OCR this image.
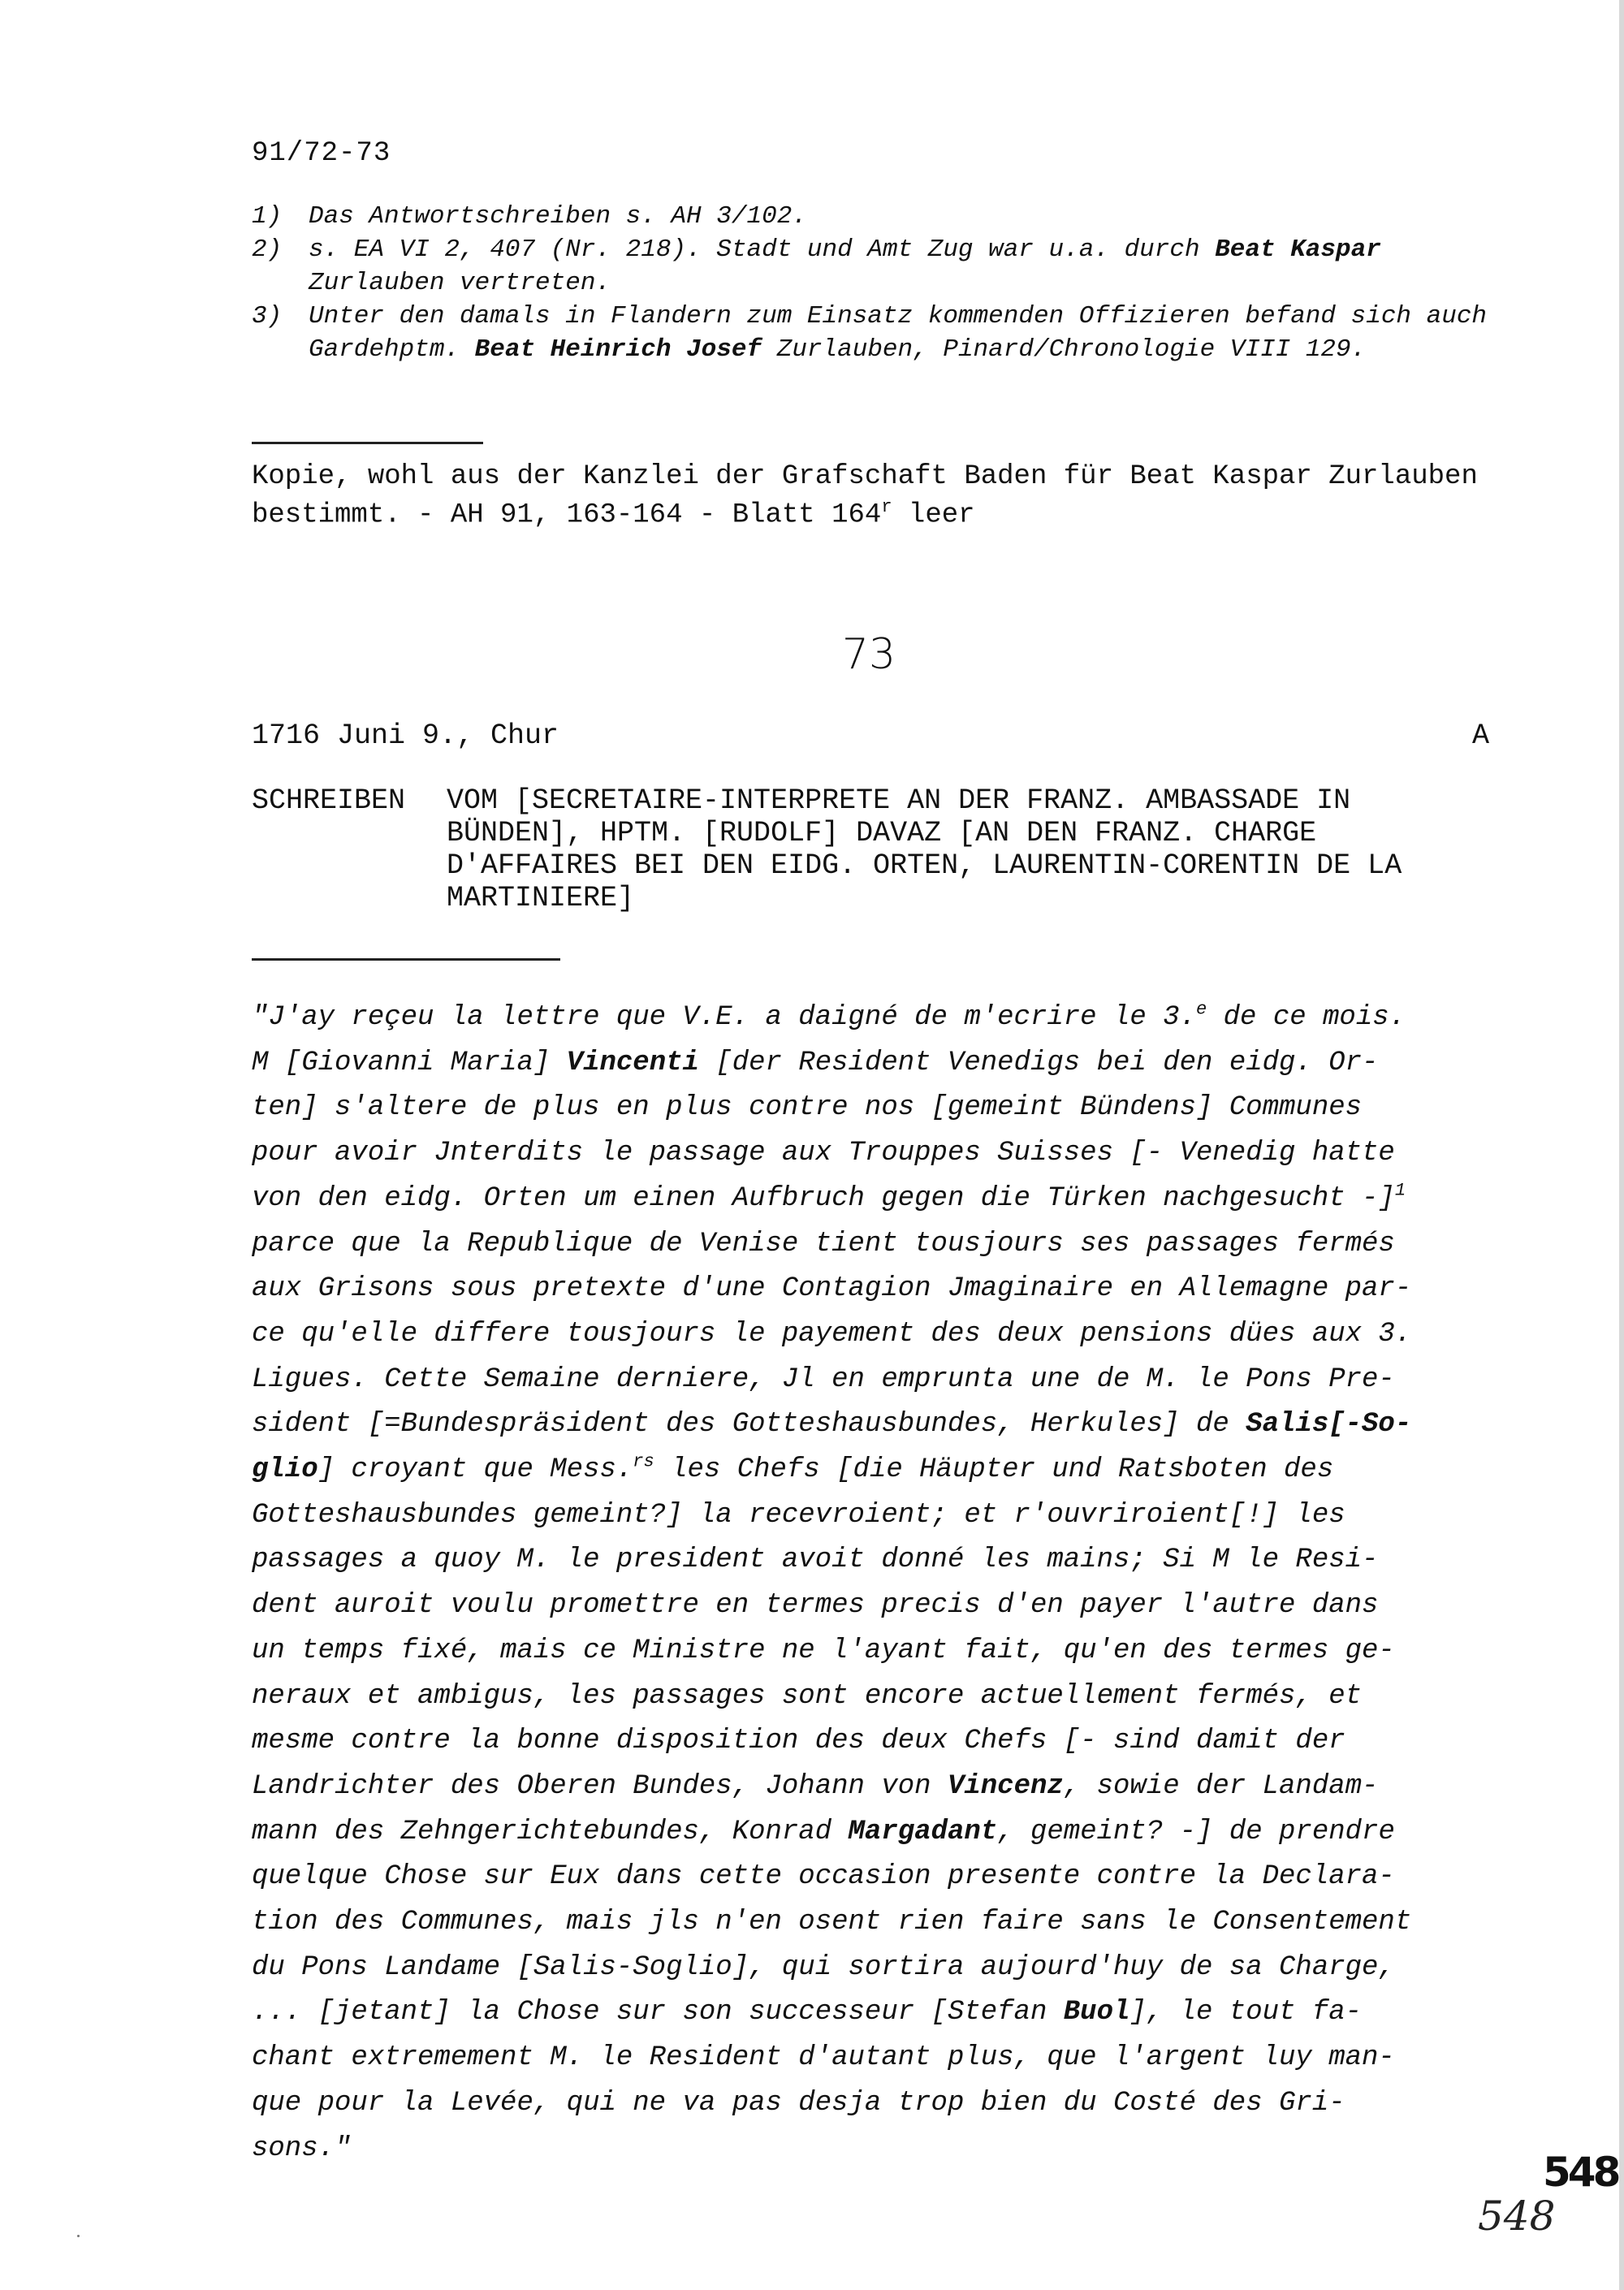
91/72-73
1)	Das Antwortschreiben s. AH 3/102.
2)	s. EA VI 2, 407 (Nr. 218). Stadt und Amt Zug war u.a. durch Beat Kaspar Zurlauben vertreten.
3)	Unter den damals in Flandern zum Einsatz kommenden Offizieren befand sich auch Gardehptm. Beat Heinrich Josef Zurlauben, Pinard/Chronologie VIII 129.
Kopie, wohl aus der Kanzlei der Grafschaft Baden für Beat Kaspar Zurlauben bestimmt. - AH 91, 163-164 - Blatt 164$^r$ leer
73
1716 Juni 9., Chur	A
SCHREIBEN	VOM [SECRETAIRE-INTERPRETE AN DER FRANZ. AMBASSADE IN BÜNDEN], HPTM. [RUDOLF] DAVAZ [AN DEN FRANZ. CHARGE D'AFFAIRES BEI DEN EIDG. ORTEN, LAURENTIN-CORENTIN DE LA MARTINIERE]
"J'ay reçeu la lettre que V.E. a daigné de m'ecrire le 3.$^e$ de ce mois.
M [Giovanni Maria] Vincenti [der Resident Venedigs bei den eidg. Or-
ten] s'altere de plus en plus contre nos [gemeint Bündens] Communes
pour avoir Jnterdits le passage aux Trouppes Suisses [- Venedig hatte
von den eidg. Orten um einen Aufbruch gegen die Türken nachgesucht -]$^1$
parce que la Republique de Venise tient tousjours ses passages fermés
aux Grisons sous pretexte d'une Contagion Jmaginaire en Allemagne par-
ce qu'elle differe tousjours le payement des deux pensions dües aux 3.
Ligues. Cette Semaine derniere, Jl en emprunta une de M. le Pons Pre-
sident [=Bundespräsident des Gotteshausbundes, Herkules] de Salis[-So-
glio] croyant que Mess.$^{rs}$ les Chefs [die Häupter und Ratsboten des
Gotteshausbundes gemeint?] la recevroient; et r'ouvriroient[!] les
passages a quoy M. le president avoit donné les mains; Si M le Resi-
dent auroit voulu promettre en termes precis d'en payer l'autre dans
un temps fixé, mais ce Ministre ne l'ayant fait, qu'en des termes ge-
neraux et ambigus, les passages sont encore actuellement fermés, et
mesme contre la bonne disposition des deux Chefs [- sind damit der
Landrichter des Oberen Bundes, Johann von Vincenz, sowie der Landam-
mann des Zehngerichtebundes, Konrad Margadant, gemeint? -] de prendre
quelque Chose sur Eux dans cette occasion presente contre la Declara-
tion des Communes, mais jls n'en osent rien faire sans le Consentement
du Pons Landame [Salis-Soglio], qui sortira aujourd'huy de sa Charge,
... [jetant] la Chose sur son successeur [Stefan Buol], le tout fa-
chant extremement M. le Resident d'autant plus, que l'argent luy man-
que pour la Levée, qui ne va pas desja trop bien du Costé des Gri-
sons."
548
548
